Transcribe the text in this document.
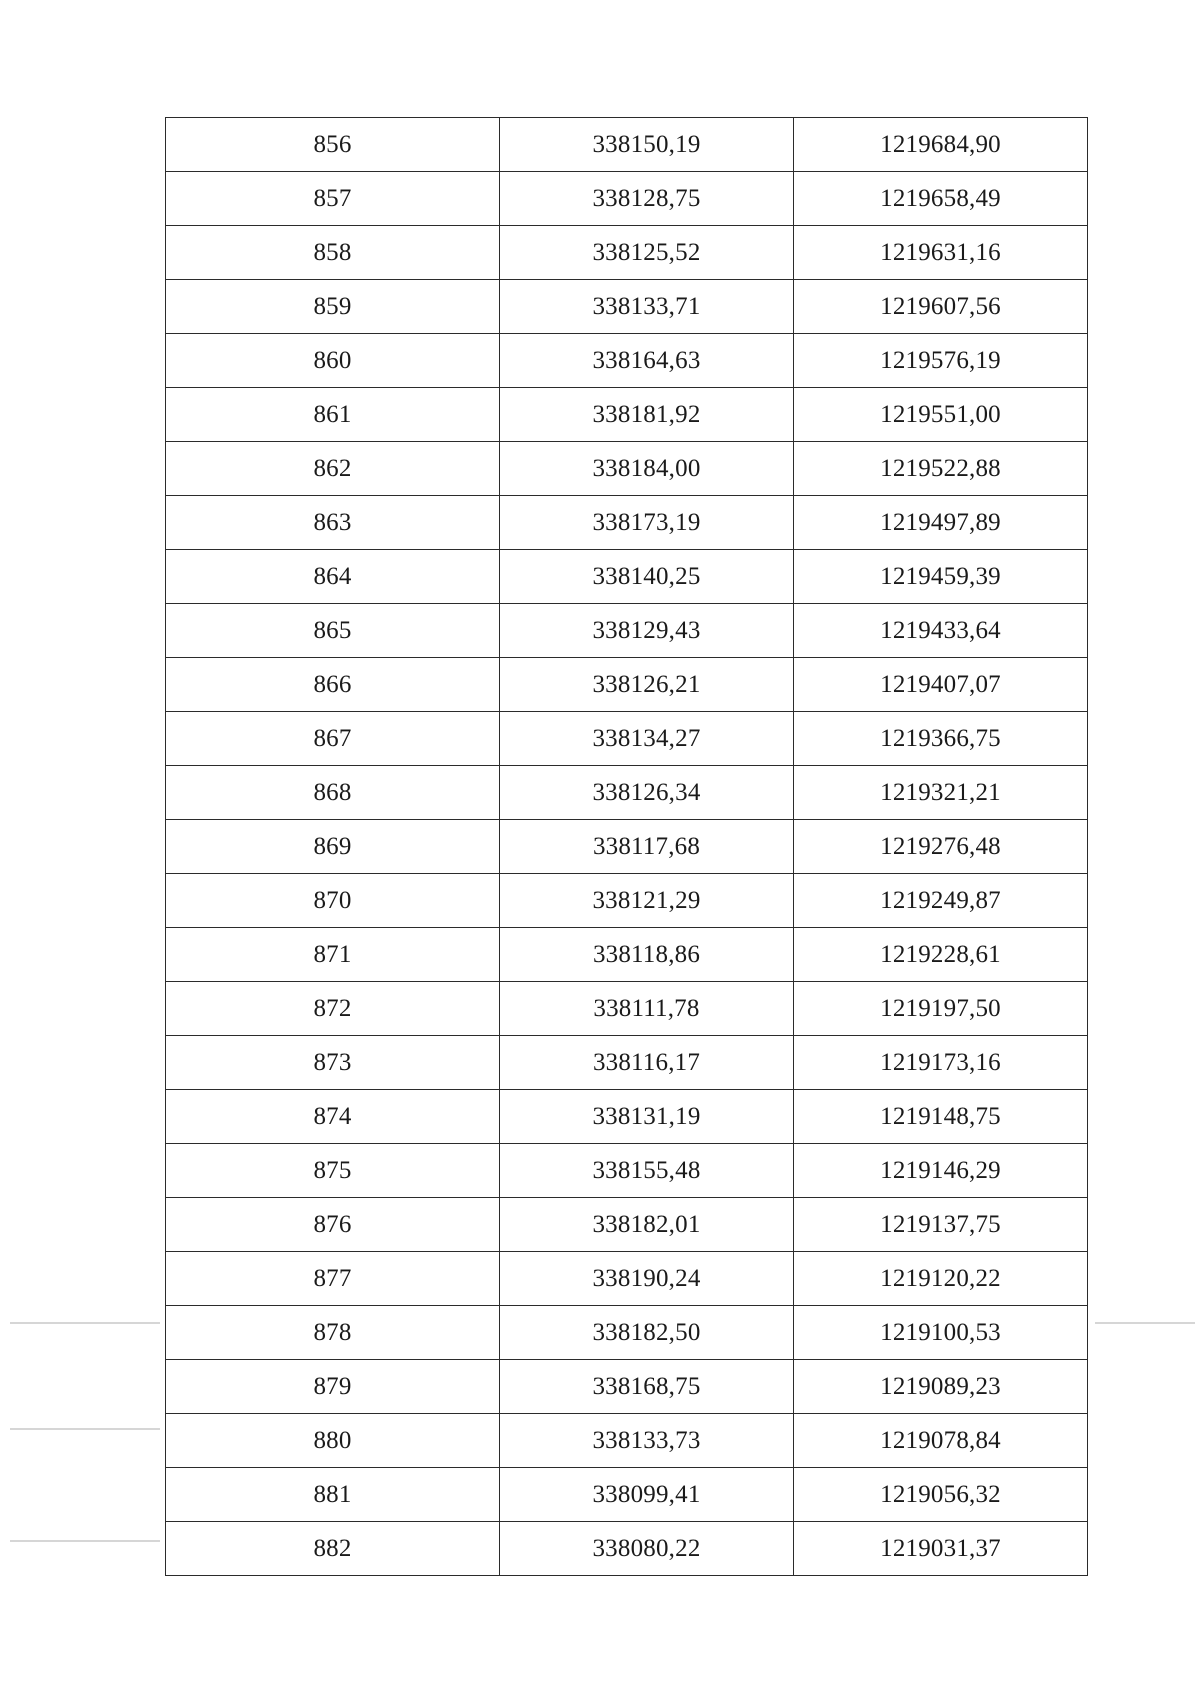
856	338150,19	1219684,90
857	338128,75	1219658,49
858	338125,52	1219631,16
859	338133,71	1219607,56
860	338164,63	1219576,19
861	338181,92	1219551,00
862	338184,00	1219522,88
863	338173,19	1219497,89
864	338140,25	1219459,39
865	338129,43	1219433,64
866	338126,21	1219407,07
867	338134,27	1219366,75
868	338126,34	1219321,21
869	338117,68	1219276,48
870	338121,29	1219249,87
871	338118,86	1219228,61
872	338111,78	1219197,50
873	338116,17	1219173,16
874	338131,19	1219148,75
875	338155,48	1219146,29
876	338182,01	1219137,75
877	338190,24	1219120,22
878	338182,50	1219100,53
879	338168,75	1219089,23
880	338133,73	1219078,84
881	338099,41	1219056,32
882	338080,22	1219031,37
